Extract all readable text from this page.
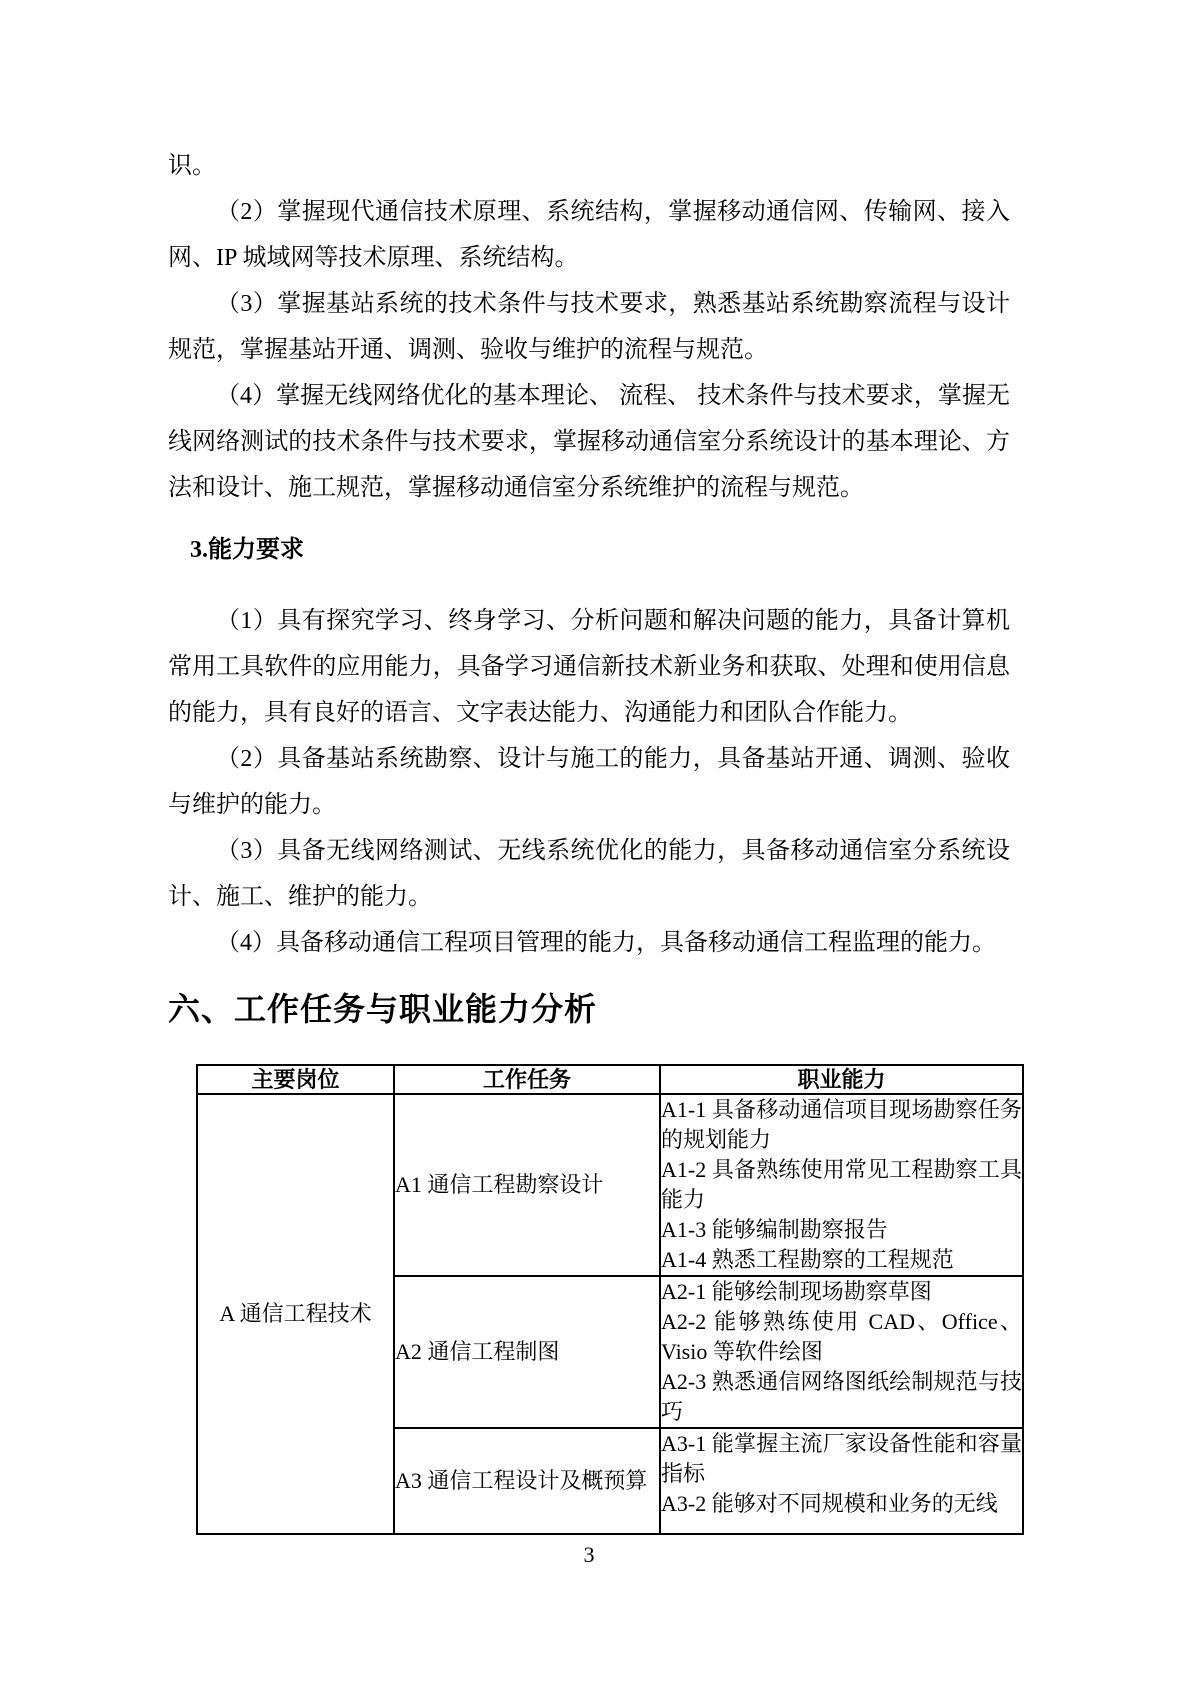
识。

（2）掌握现代通信技术原理、系统结构，掌握移动通信网、传输网、接入网、IP 城域网等技术原理、系统结构。

（3）掌握基站系统的技术条件与技术要求，熟悉基站系统勘察流程与设计规范，掌握基站开通、调测、验收与维护的流程与规范。

（4）掌握无线网络优化的基本理论、 流程、 技术条件与技术要求，掌握无线网络测试的技术条件与技术要求，掌握移动通信室分系统设计的基本理论、方法和设计、施工规范，掌握移动通信室分系统维护的流程与规范。

3.能力要求

（1）具有探究学习、终身学习、分析问题和解决问题的能力，具备计算机常用工具软件的应用能力，具备学习通信新技术新业务和获取、处理和使用信息的能力，具有良好的语言、文字表达能力、沟通能力和团队合作能力。

（2）具备基站系统勘察、设计与施工的能力，具备基站开通、调测、验收与维护的能力。

（3）具备无线网络测试、无线系统优化的能力，具备移动通信室分系统设计、施工、维护的能力。

（4）具备移动通信工程项目管理的能力，具备移动通信工程监理的能力。

六、工作任务与职业能力分析
主要岗位	工作任务	职业能力
A 通信工程技术	A1 通信工程勘察设计	A1-1 具备移动通信项目现场勘察任务的规划能力
A1-2 具备熟练使用常见工程勘察工具能力
A1-3 能够编制勘察报告
A1-4 熟悉工程勘察的工程规范

	A2 通信工程制图	A2-1 能够绘制现场勘察草图
A2-2 能够熟练使用 CAD、Office、Visio 等软件绘图
A2-3 熟悉通信网络图纸绘制规范与技巧

	A3 通信工程设计及概预算	A3-1 能掌握主流厂家设备性能和容量指标
A3-2 能够对不同规模和业务的无线
3
